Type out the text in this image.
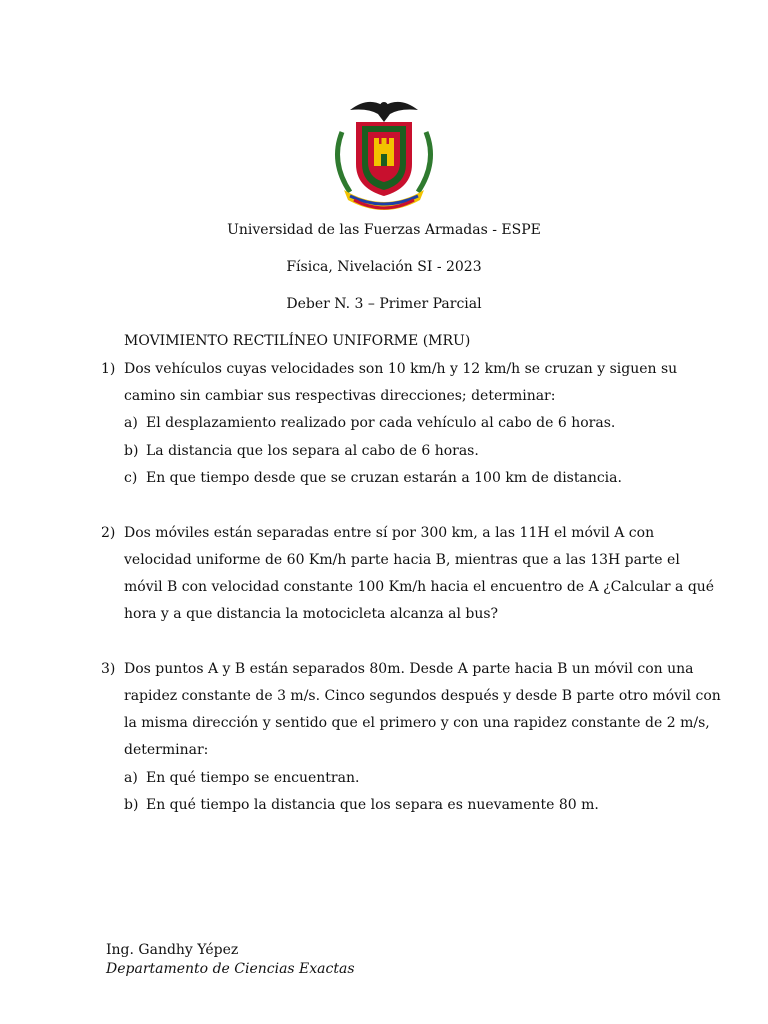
Universidad de las Fuerzas Armadas - ESPE
Física, Nivelación SI - 2023
Deber N. 3 – Primer Parcial
MOVIMIENTO RECTILÍNEO UNIFORME (MRU)
1) Dos vehículos cuyas velocidades son 10 km/h y 12 km/h se cruzan y siguen su
camino sin cambiar sus respectivas direcciones; determinar:
a) El desplazamiento realizado por cada vehículo al cabo de 6 horas.
b) La distancia que los separa al cabo de 6 horas.
c) En que tiempo desde que se cruzan estarán a 100 km de distancia.
2) Dos móviles están separadas entre sí por 300 km, a las 11H el móvil A con
velocidad uniforme de 60 Km/h parte hacia B, mientras que a las 13H parte el
móvil B con velocidad constante 100 Km/h hacia el encuentro de A ¿Calcular a qué
hora y a que distancia la motocicleta alcanza al bus?
3) Dos puntos A y B están separados 80m. Desde A parte hacia B un móvil con una
rapidez constante de 3 m/s. Cinco segundos después y desde B parte otro móvil con
la misma dirección y sentido que el primero y con una rapidez constante de 2 m/s,
determinar:
a) En qué tiempo se encuentran.
b) En qué tiempo la distancia que los separa es nuevamente 80 m.
Ing. Gandhy Yépez
Departamento de Ciencias Exactas
